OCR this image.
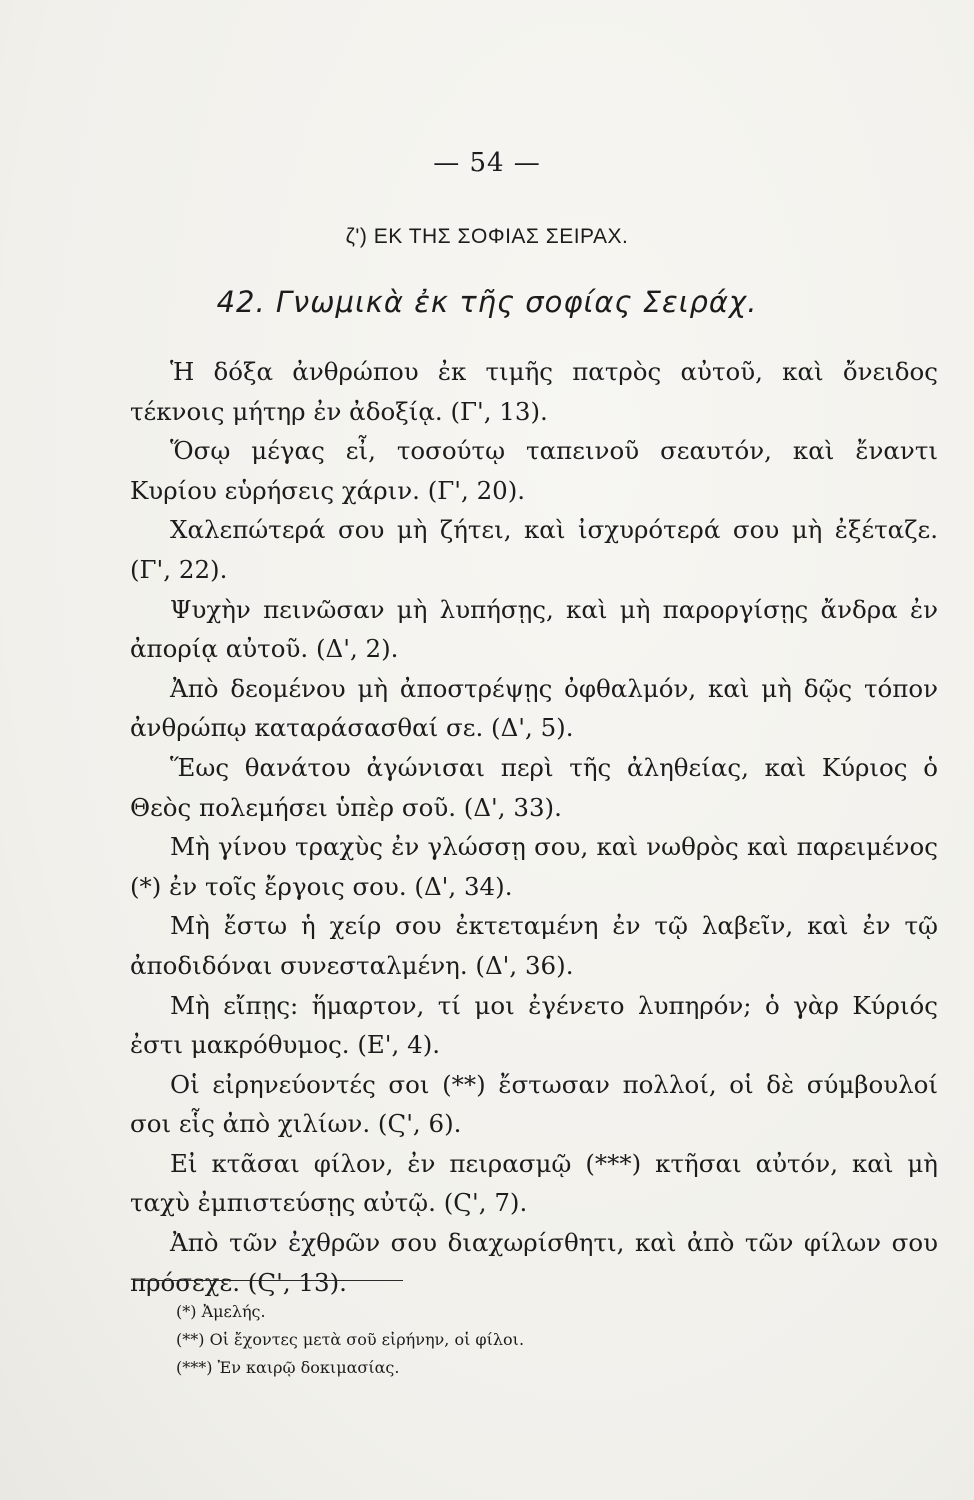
— 54 —
ζ') ΕΚ ΤΗΣ ΣΟΦΙΑΣ ΣΕΙΡΑΧ.
42. Γνωμικὰ ἐκ τῆς σοφίας Σειράχ.

Ἡ δόξα ἀνθρώπου ἐκ τιμῆς πατρὸς αὐτοῦ, καὶ ὄνειδος τέκνοις μήτηρ ἐν ἀδοξίᾳ. (Γ', 13).

Ὅσῳ μέγας εἶ, τοσούτῳ ταπεινοῦ σεαυτόν, καὶ ἔναντι Κυρίου εὑρήσεις χάριν. (Γ', 20).

Χαλεπώτερά σου μὴ ζήτει, καὶ ἰσχυρότερά σου μὴ ἐξέταζε. (Γ', 22).

Ψυχὴν πεινῶσαν μὴ λυπήσῃς, καὶ μὴ παροργίσῃς ἄνδρα ἐν ἀπορίᾳ αὐτοῦ. (Δ', 2).

Ἀπὸ δεομένου μὴ ἀποστρέψῃς ὀφθαλμόν, καὶ μὴ δῷς τόπον ἀνθρώπῳ καταράσασθαί σε. (Δ', 5).

Ἕως θανάτου ἀγώνισαι περὶ τῆς ἀληθείας, καὶ Κύριος ὁ Θεὸς πολεμήσει ὑπὲρ σοῦ. (Δ', 33).

Μὴ γίνου τραχὺς ἐν γλώσσῃ σου, καὶ νωθρὸς καὶ παρειμένος (*) ἐν τοῖς ἔργοις σου. (Δ', 34).

Μὴ ἔστω ἡ χείρ σου ἐκτεταμένη ἐν τῷ λαβεῖν, καὶ ἐν τῷ ἀποδιδόναι συνεσταλμένη. (Δ', 36).

Μὴ εἴπῃς: ἥμαρτον, τί μοι ἐγένετο λυπηρόν; ὁ γὰρ Κύριός ἐστι μακρόθυμος. (Ε', 4).

Οἱ εἰρηνεύοντές σοι (**) ἔστωσαν πολλοί, οἱ δὲ σύμβουλοί σοι εἷς ἀπὸ χιλίων. (Ϛ', 6).

Εἰ κτᾶσαι φίλον, ἐν πειρασμῷ (***) κτῆσαι αὐτόν, καὶ μὴ ταχὺ ἐμπιστεύσῃς αὐτῷ. (Ϛ', 7).

Ἀπὸ τῶν ἐχθρῶν σου διαχωρίσθητι, καὶ ἀπὸ τῶν φίλων σου πρόσεχε. (Ϛ', 13).

(*) Ἀμελής.
(**) Οἱ ἔχοντες μετὰ σοῦ εἰρήνην, οἱ φίλοι.
(***) Ἐν καιρῷ δοκιμασίας.
